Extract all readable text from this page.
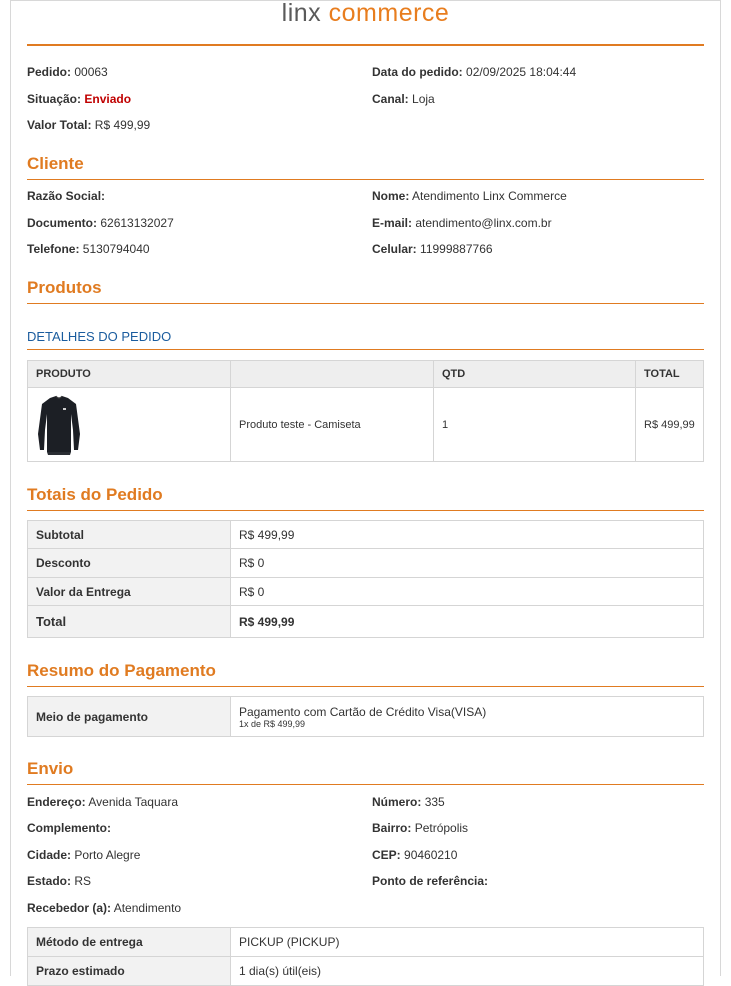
linx commerce
Pedido: 00063	Data do pedido: 02/09/2025 18:04:44
Situação: Enviado	Canal: Loja
Valor Total: R$ 499,99
Cliente
Razão Social:	Nome: Atendimento Linx Commerce
Documento: 62613132027	E-mail: atendimento@linx.com.br
Telefone: 5130794040	Celular: 11999887766
Produtos
DETALHES DO PEDIDO
PRODUTO		QTD	TOTAL

	Produto teste - Camiseta	1	R$ 499,99
Totais do Pedido
Subtotal	R$ 499,99
Desconto	R$ 0
Valor da Entrega	R$ 0
Total	R$ 499,99
Resumo do Pagamento
Meio de pagamento	Pagamento com Cartão de Crédito Visa(VISA)
1x de R$ 499,99
Envio
Endereço: Avenida Taquara	Número: 335
Complemento:	Bairro: Petrópolis
Cidade: Porto Alegre	CEP: 90460210
Estado: RS	Ponto de referência:
Recebedor (a): Atendimento
Método de entrega	PICKUP (PICKUP)
Prazo estimado	1 dia(s) útil(eis)
